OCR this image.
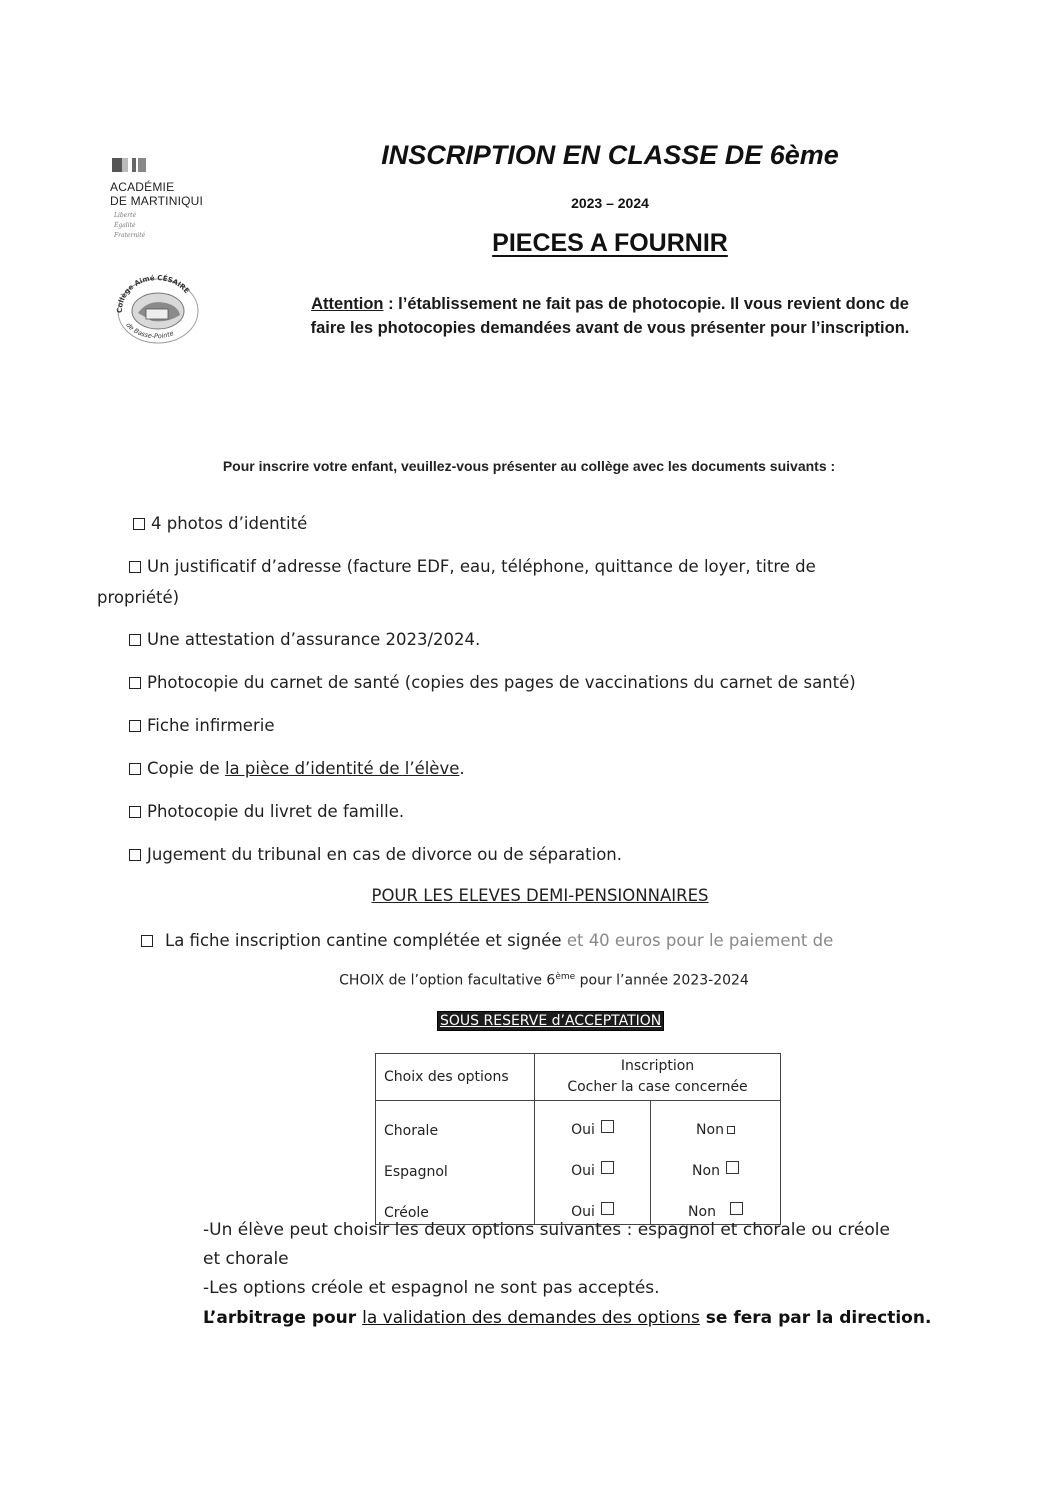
ACADÉMIE
DE MARTINIQUI
Liberté
Égalité
Fraternité
Collège Aimé CÉSAIRE
de Basse-Pointe
INSCRIPTION EN CLASSE DE 6ème
2023 – 2024
PIECES A FOURNIR
Attention : l’établissement ne fait pas de photocopie. Il vous revient donc de
faire les photocopies demandées avant de vous présenter pour l’inscription.
Pour inscrire votre enfant, veuillez-vous présenter au collège avec les documents suivants :
4 photos d’identité
Un justificatif d’adresse (facture EDF, eau, téléphone, quittance de loyer, titre de
propriété)
Une attestation d’assurance 2023/2024.
Photocopie du carnet de santé (copies des pages de vaccinations du carnet de santé)
Fiche infirmerie
Copie de la pièce d’identité de l’élève.
Photocopie du livret de famille.
Jugement du tribunal en cas de divorce ou de séparation.
POUR LES ELEVES DEMI-PENSIONNAIRES
La fiche inscription cantine complétée et signée et 40 euros pour le paiement de
CHOIX de l’option facultative 6ème pour l’année 2023-2024
SOUS RESERVE d’ACCEPTATION
Choix des options	Inscription
Cocher la case concernée	

Chorale	Oui	Non
Espagnol	Oui	Non
Créole	Oui	Non
-Un élève peut choisir les deux options suivantes : espagnol et chorale ou créole
et chorale
-Les options créole et espagnol ne sont pas acceptés.
L’arbitrage pour la validation des demandes des options se fera par la direction.
